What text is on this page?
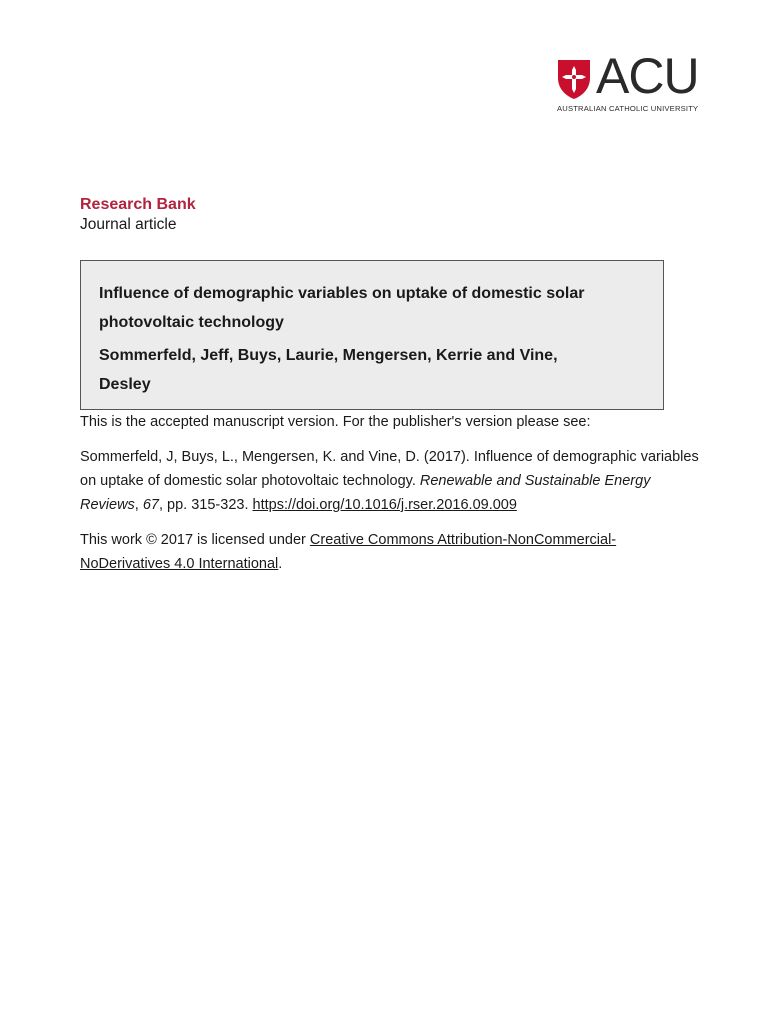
ACU
AUSTRALIAN CATHOLIC UNIVERSITY
Research Bank
Journal article

Influence of demographic variables on uptake of domestic solar
photovoltaic technology

Sommerfeld, Jeff, Buys, Laurie, Mengersen, Kerrie and Vine,
Desley

This is the accepted manuscript version. For the publisher's version please see:

Sommerfeld, J, Buys, L., Mengersen, K. and Vine, D. (2017). Influence of demographic variables on uptake of domestic solar photovoltaic technology. Renewable and Sustainable Energy Reviews, 67, pp. 315-323. https://doi.org/10.1016/j.rser.2016.09.009

This work © 2017 is licensed under Creative Commons Attribution-NonCommercial-NoDerivatives 4.0 International.
